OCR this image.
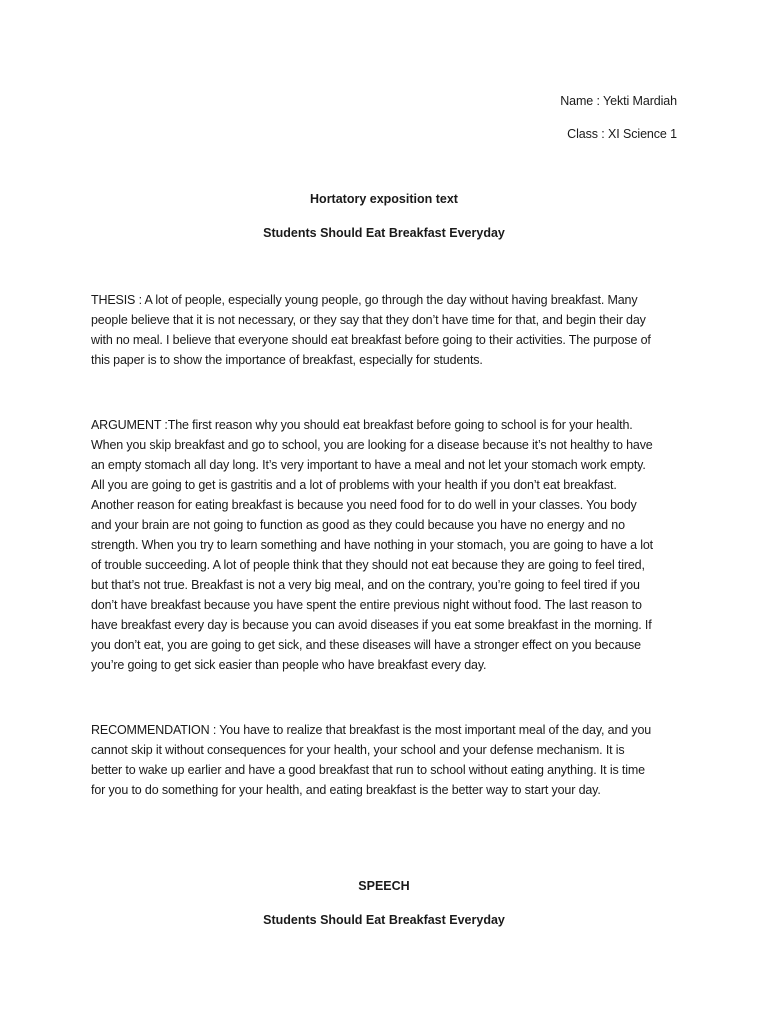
Name : Yekti Mardiah
Class : XI Science 1
Hortatory exposition text
Students Should Eat Breakfast Everyday

THESIS : A lot of people, especially young people, go through the day without having breakfast. Many

people believe that it is not necessary, or they say that they don’t have time for that, and begin their day

with no meal. I believe that everyone should eat breakfast before going to their activities. The purpose of

this paper is to show the importance of breakfast, especially for students.

ARGUMENT :The first reason why you should eat breakfast before going to school is for your health.

When you skip breakfast and go to school, you are looking for a disease because it’s not healthy to have

an empty stomach all day long. It’s very important to have a meal and not let your stomach work empty.

All you are going to get is gastritis and a lot of problems with your health if you don’t eat breakfast.

Another reason for eating breakfast is because you need food for to do well in your classes. You body

and your brain are not going to function as good as they could because you have no energy and no

strength. When you try to learn something and have nothing in your stomach, you are going to have a lot

of trouble succeeding. A lot of people think that they should not eat because they are going to feel tired,

but that’s not true. Breakfast is not a very big meal, and on the contrary, you’re going to feel tired if you

don’t have breakfast because you have spent the entire previous night without food. The last reason to

have breakfast every day is because you can avoid diseases if you eat some breakfast in the morning. If

you don’t eat, you are going to get sick, and these diseases will have a stronger effect on you because

you’re going to get sick easier than people who have breakfast every day.

RECOMMENDATION : You have to realize that breakfast is the most important meal of the day, and you

cannot skip it without consequences for your health, your school and your defense mechanism. It is

better to wake up earlier and have a good breakfast that run to school without eating anything. It is time

for you to do something for your health, and eating breakfast is the better way to start your day.

SPEECH
Students Should Eat Breakfast Everyday
